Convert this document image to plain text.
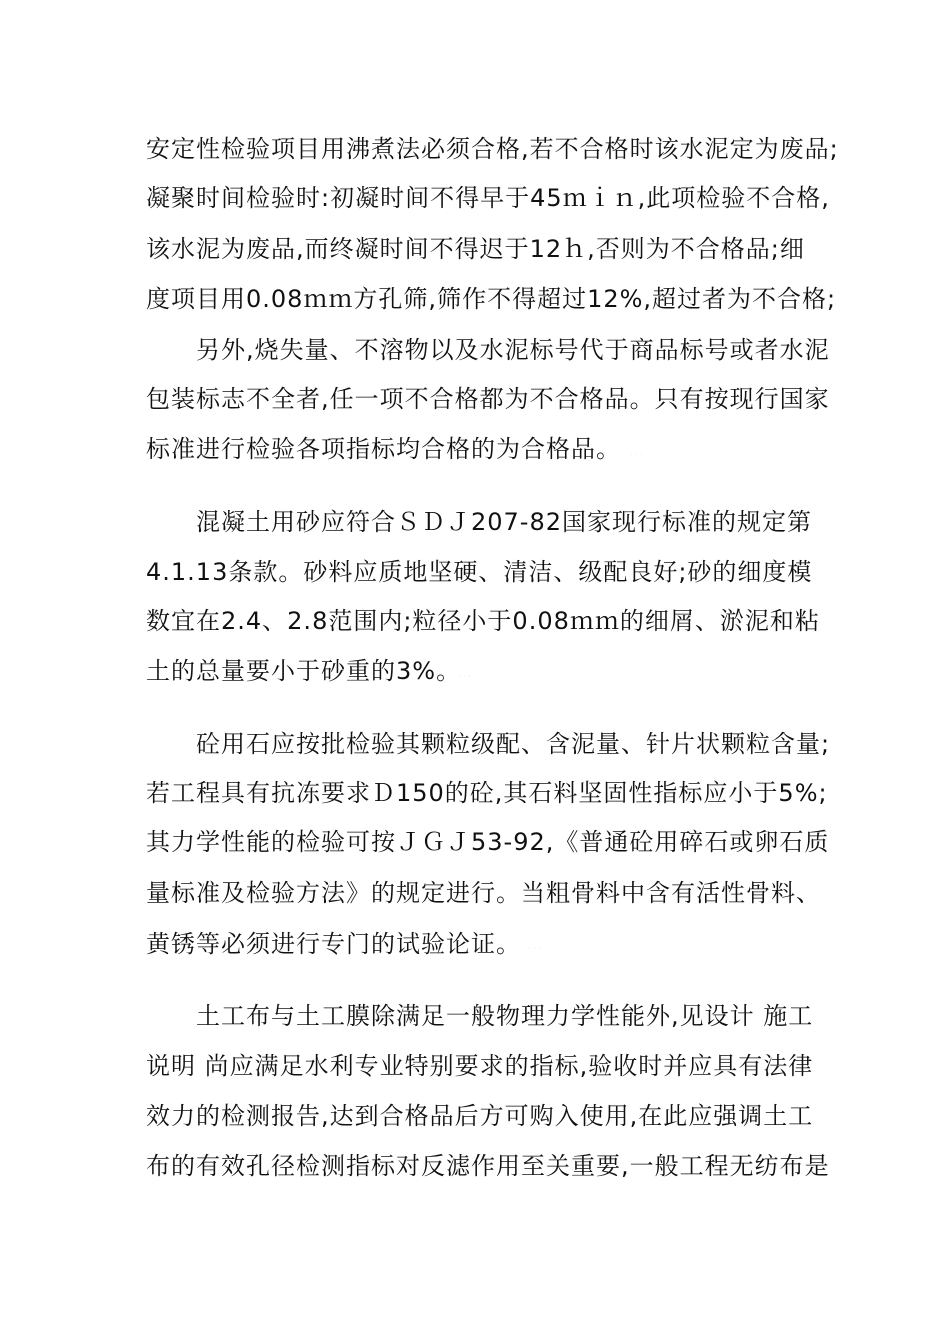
安定性检验项目用沸煮法必须合格,若不合格时该水泥定为废品;
凝聚时间检验时:初凝时间不得早于45ｍｉｎ,此项检验不合格,
该水泥为废品,而终凝时间不得迟于12ｈ,否则为不合格品;细
度项目用0.08ｍｍ方孔筛,筛作不得超过12%,超过者为不合格;
另外,烧失量、不溶物以及水泥标号代于商品标号或者水泥
包装标志不全者,任一项不合格都为不合格品。只有按现行国家
标准进行检验各项指标均合格的为合格品。	· · ·
混凝土用砂应符合ＳＤＪ207-82国家现行标准的规定第
4.1.13条款。砂料应质地坚硬、清洁、级配良好;砂的细度模
数宜在2.4、2.8范围内;粒径小于0.08ｍｍ的细屑、淤泥和粘
土的总量要小于砂重的3%。
· · ·
砼用石应按批检验其颗粒级配、含泥量、针片状颗粒含量;
若工程具有抗冻要求Ｄ150的砼,其石料坚固性指标应小于5%;
其力学性能的检验可按ＪＧＪ53-92,《普通砼用碎石或卵石质
量标准及检验方法》的规定进行。当粗骨料中含有活性骨料、
黄锈等必须进行专门的试验论证。 · · ·
土工布与土工膜除满足一般物理力学性能外,见设计 施工
说明 尚应满足水利专业特别要求的指标,验收时并应具有法律
效力的检测报告,达到合格品后方可购入使用,在此应强调土工
布的有效孔径检测指标对反滤作用至关重要,一般工程无纺布是
